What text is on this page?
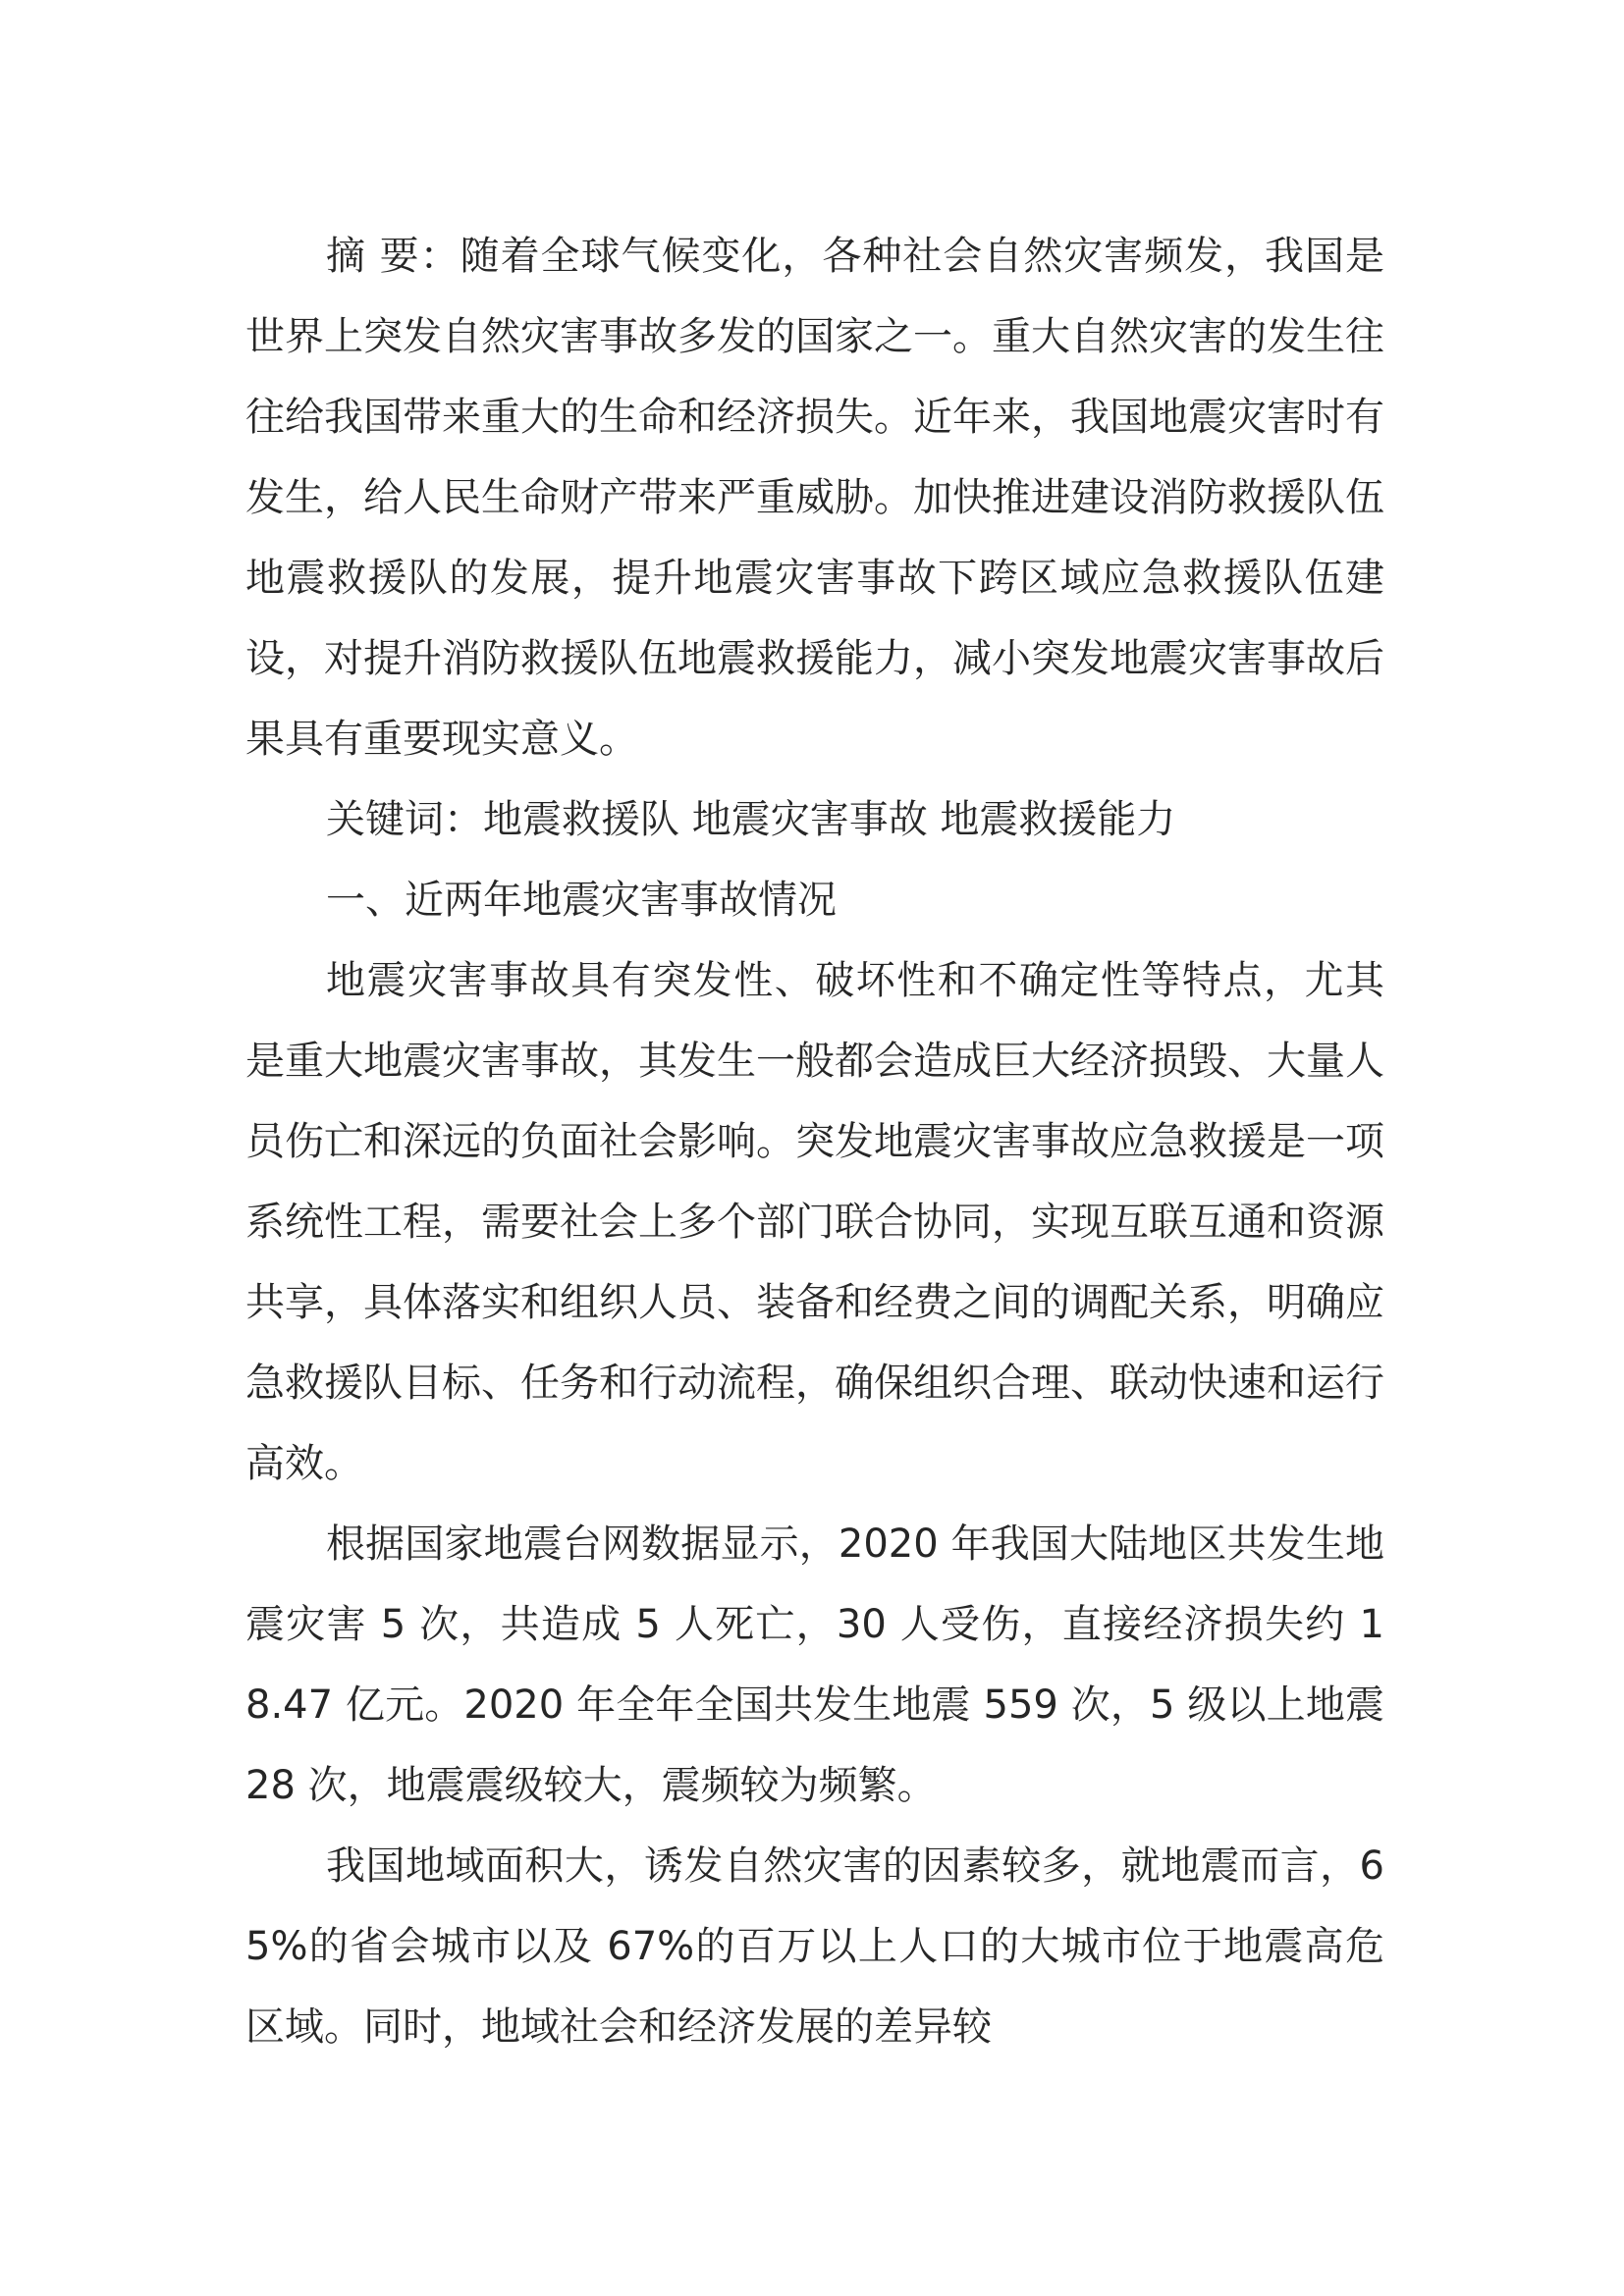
摘 要：随着全球气候变化，各种社会自然灾害频发，我国是世界上突发自然灾害事故多发的国家之一。重大自然灾害的发生往往给我国带来重大的生命和经济损失。近年来，我国地震灾害时有发生，给人民生命财产带来严重威胁。加快推进建设消防救援队伍地震救援队的发展，提升地震灾害事故下跨区域应急救援队伍建设，对提升消防救援队伍地震救援能力，减小突发地震灾害事故后果具有重要现实意义。

关键词：地震救援队 地震灾害事故 地震救援能力

一、近两年地震灾害事故情况

地震灾害事故具有突发性、破坏性和不确定性等特点，尤其是重大地震灾害事故，其发生一般都会造成巨大经济损毁、大量人员伤亡和深远的负面社会影响。突发地震灾害事故应急救援是一项系统性工程，需要社会上多个部门联合协同，实现互联互通和资源共享，具体落实和组织人员、装备和经费之间的调配关系，明确应急救援队目标、任务和行动流程，确保组织合理、联动快速和运行高效。

根据国家地震台网数据显示，2020 年我国大陆地区共发生地震灾害 5 次，共造成 5 人死亡，30 人受伤，直接经济损失约 18.47 亿元。2020 年全年全国共发生地震 559 次，5 级以上地震 28 次，地震震级较大，震频较为频繁。

我国地域面积大，诱发自然灾害的因素较多，就地震而言，65%的省会城市以及 67%的百万以上人口的大城市位于地震高危区域。同时，地域社会和经济发展的差异较
